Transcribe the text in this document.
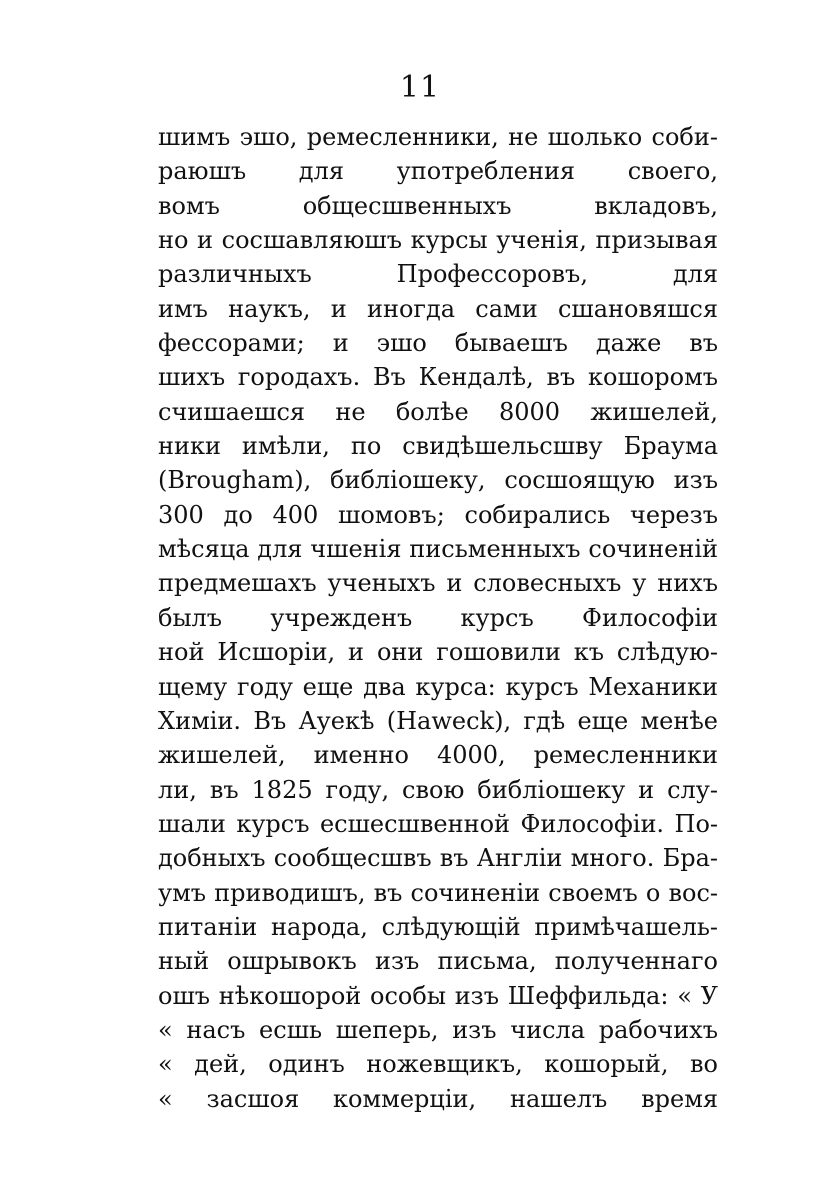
11
шимъ эшо, ремесленники, не шолько соби-
раюшъ для употребления своего,
вомъ общесшвенныхъ вкладовъ,
но и сосшавляюшъ курсы ученія, призывая
различныхъ Профессоровъ, для
имъ наукъ, и иногда сами сшановяшся
фессорами; и эшо бываешъ даже въ
шихъ городахъ. Въ Кендалѣ, въ кошоромъ
счишаешся не болѣе 8000 жишелей,
ники имѣли, по свидѣшельсшву Браума
(Brougham), библіошеку, сосшоящую изъ
300 до 400 шомовъ; собирались черезъ
мѣсяца для чшенія письменныхъ сочиненій
предмешахъ ученыхъ и словесныхъ у нихъ
былъ учрежденъ курсъ Философіи
ной Исшоріи, и они гошовили къ слѣдую-
щему году еще два курса: курсъ Механики
Химіи. Въ Ауекѣ (Haweck), гдѣ еще менѣе
жишелей, именно 4000, ремесленники
ли, въ 1825 году, свою библіошеку и слу-
шали курсъ есшесшвенной Философіи. По-
добныхъ сообщесшвъ въ Англіи много. Бра-
умъ приводишъ, въ сочиненіи своемъ о вос-
питаніи народа, слѣдующій примѣчашель-
ный ошрывокъ изъ письма, полученнаго
ошъ нѣкошорой особы изъ Шеффильда: « У
« насъ есшь шеперь, изъ числа рабочихъ
« дей, одинъ ножевщикъ, кошорый, во
« засшоя коммерціи, нашелъ время
